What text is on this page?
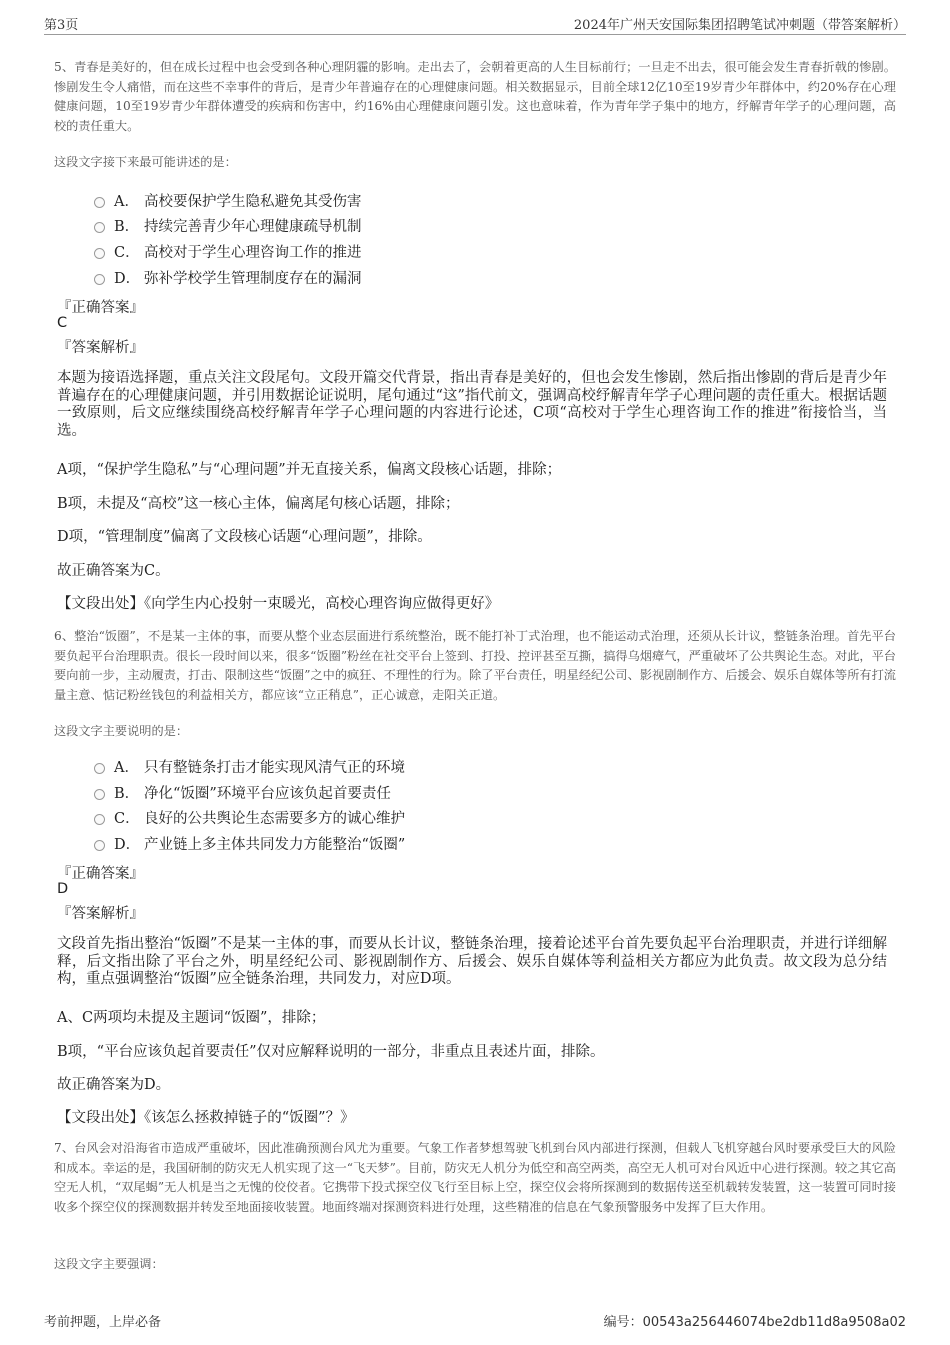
第3页	2024年广州天安国际集团招聘笔试冲刺题（带答案解析）
5、青春是美好的，但在成长过程中也会受到各种心理阴霾的影响。走出去了，会朝着更高的人生目标前行；一旦走不出去，很可能会发生青春折戟的惨剧。惨剧发生令人痛惜，而在这些不幸事件的背后，是青少年普遍存在的心理健康问题。相关数据显示，目前全球12亿10至19岁青少年群体中，约20%存在心理健康问题，10至19岁青少年群体遭受的疾病和伤害中，约16%由心理健康问题引发。这也意味着，作为青年学子集中的地方，纾解青年学子的心理问题，高校的责任重大。
这段文字接下来最可能讲述的是：
A． 高校要保护学生隐私避免其受伤害
B． 持续完善青少年心理健康疏导机制
C． 高校对于学生心理咨询工作的推进
D． 弥补学校学生管理制度存在的漏洞
『正确答案』
C
『答案解析』
本题为接语选择题，重点关注文段尾句。文段开篇交代背景，指出青春是美好的，但也会发生惨剧，然后指出惨剧的背后是青少年普遍存在的心理健康问题，并引用数据论证说明，尾句通过“这”指代前文，强调高校纾解青年学子心理问题的责任重大。根据话题一致原则，后文应继续围绕高校纾解青年学子心理问题的内容进行论述，C项“高校对于学生心理咨询工作的推进”衔接恰当，当选。
A项，“保护学生隐私”与“心理问题”并无直接关系，偏离文段核心话题，排除；
B项，未提及“高校”这一核心主体，偏离尾句核心话题，排除；
D项，“管理制度”偏离了文段核心话题“心理问题”，排除。
故正确答案为C。
【文段出处】《向学生内心投射一束暖光，高校心理咨询应做得更好》
6、整治“饭圈”，不是某一主体的事，而要从整个业态层面进行系统整治，既不能打补丁式治理，也不能运动式治理，还须从长计议，整链条治理。首先平台要负起平台治理职责。很长一段时间以来，很多“饭圈”粉丝在社交平台上签到、打投、控评甚至互撕，搞得乌烟瘴气，严重破坏了公共舆论生态。对此，平台要向前一步，主动履责，打击、限制这些“饭圈”之中的疯狂、不理性的行为。除了平台责任，明星经纪公司、影视剧制作方、后援会、娱乐自媒体等所有打流量主意、惦记粉丝钱包的利益相关方，都应该“立正稍息”，正心诚意，走阳关正道。
这段文字主要说明的是：
A． 只有整链条打击才能实现风清气正的环境
B． 净化“饭圈”环境平台应该负起首要责任
C． 良好的公共舆论生态需要多方的诚心维护
D． 产业链上多主体共同发力方能整治“饭圈”
『正确答案』
D
『答案解析』
文段首先指出整治“饭圈”不是某一主体的事，而要从长计议，整链条治理，接着论述平台首先要负起平台治理职责，并进行详细解释，后文指出除了平台之外，明星经纪公司、影视剧制作方、后援会、娱乐自媒体等利益相关方都应为此负责。故文段为总分结构，重点强调整治“饭圈”应全链条治理，共同发力，对应D项。
A、C两项均未提及主题词“饭圈”，排除；
B项，“平台应该负起首要责任”仅对应解释说明的一部分，非重点且表述片面，排除。
故正确答案为D。
【文段出处】《该怎么拯救掉链子的“饭圈”？》
7、台风会对沿海省市造成严重破坏，因此准确预测台风尤为重要。气象工作者梦想驾驶飞机到台风内部进行探测，但载人飞机穿越台风时要承受巨大的风险和成本。幸运的是，我国研制的防灾无人机实现了这一“飞天梦”。目前，防灾无人机分为低空和高空两类，高空无人机可对台风近中心进行探测。较之其它高空无人机，“双尾蝎”无人机是当之无愧的佼佼者。它携带下投式探空仪飞行至目标上空，探空仪会将所探测到的数据传送至机载转发装置，这一装置可同时接收多个探空仪的探测数据并转发至地面接收装置。地面终端对探测资料进行处理，这些精准的信息在气象预警服务中发挥了巨大作用。
这段文字主要强调：
考前押题，上岸必备	编号：00543a256446074be2db11d8a9508a02
